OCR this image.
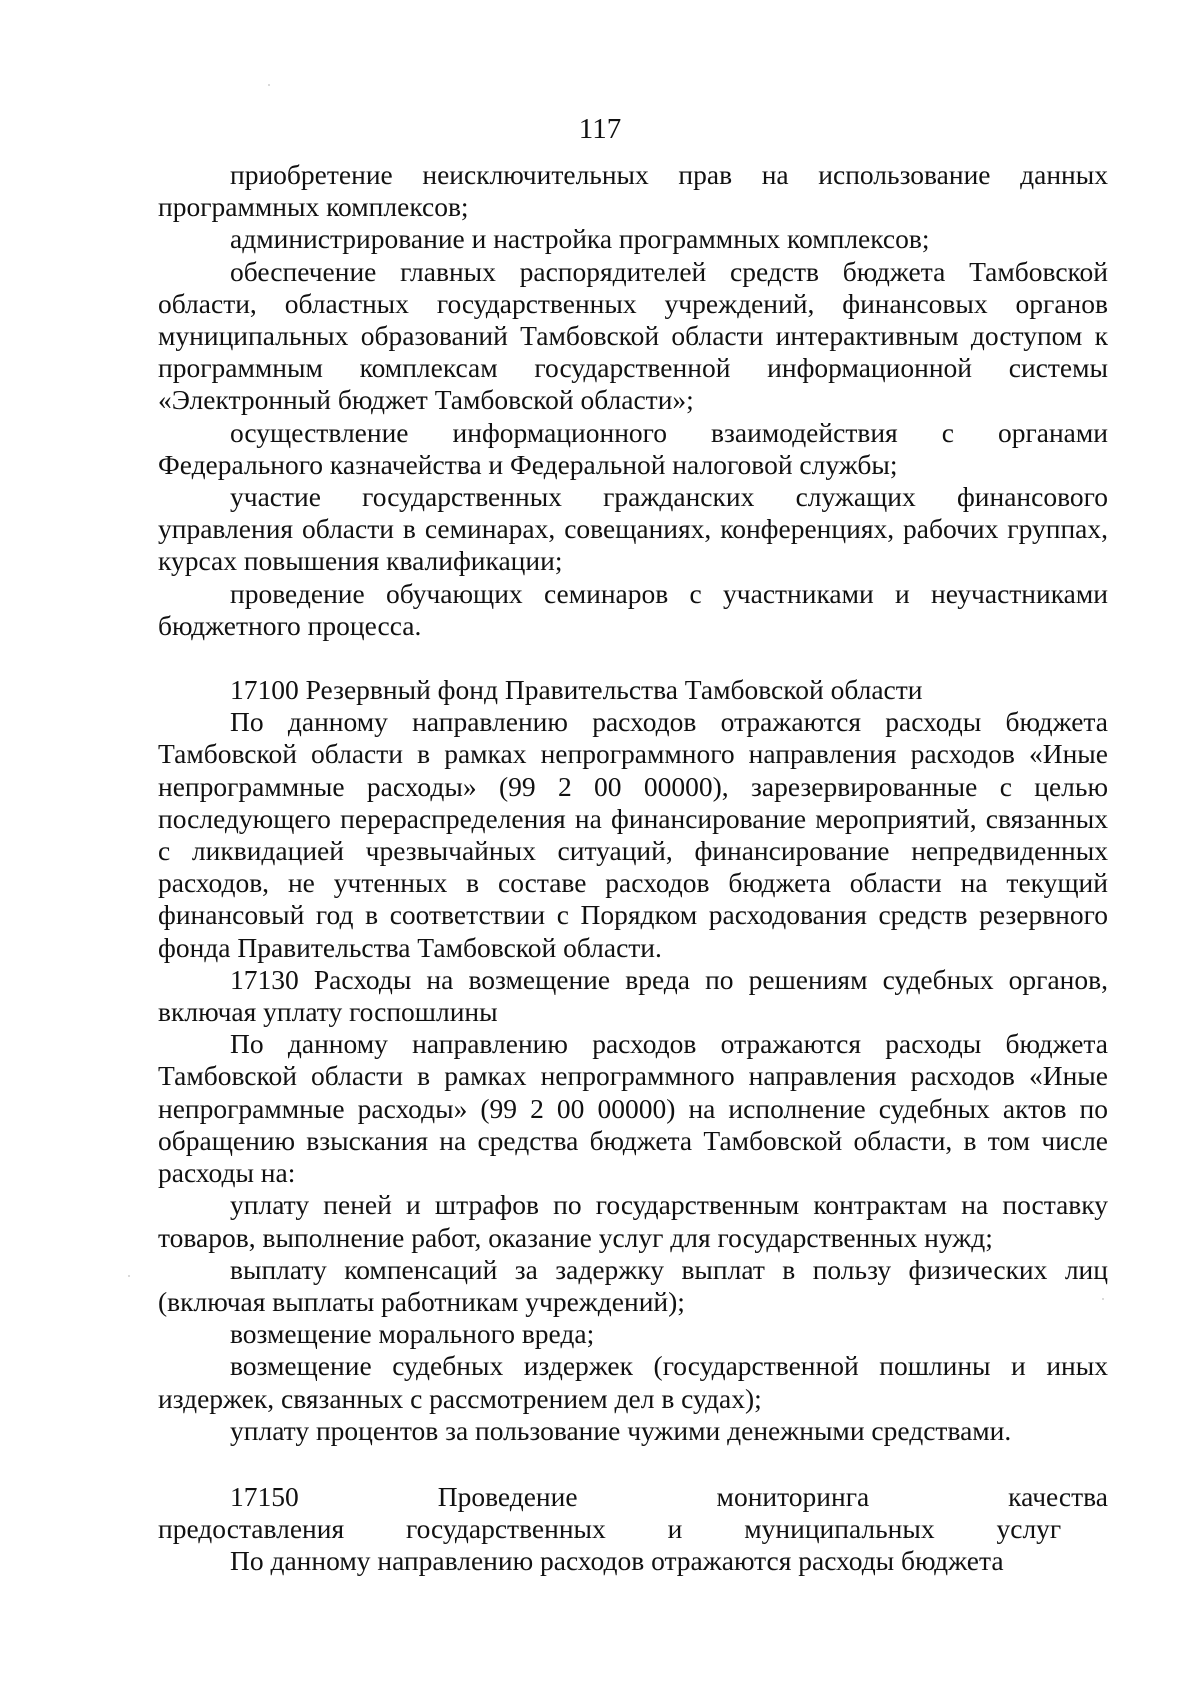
117

приобретение неисключительных прав на использование данных программных комплексов;

администрирование и настройка программных комплексов;

обеспечение главных распорядителей средств бюджета Тамбовской области, областных государственных учреждений, финансовых органов муниципальных образований Тамбовской области интерактивным доступом к программным комплексам государственной информационной системы «Электронный бюджет Тамбовской области»;

осуществление информационного взаимодействия с органами Федерального казначейства и Федеральной налоговой службы;

участие государственных гражданских служащих финансового управления области в семинарах, совещаниях, конференциях, рабочих группах, курсах повышения квалификации;

проведение обучающих семинаров с участниками и неучастниками бюджетного процесса.

17100 Резервный фонд Правительства Тамбовской области

По данному направлению расходов отражаются расходы бюджета Тамбовской области в рамках непрограммного направления расходов «Иные непрограммные расходы» (99 2 00 00000), зарезервированные с целью последующего перераспределения на финансирование мероприятий, связанных с ликвидацией чрезвычайных ситуаций, финансирование непредвиденных расходов, не учтенных в составе расходов бюджета области на текущий финансовый год в соответствии с Порядком расходования средств резервного фонда Правительства Тамбовской области.

17130 Расходы на возмещение вреда по решениям судебных органов, включая уплату госпошлины

По данному направлению расходов отражаются расходы бюджета Тамбовской области в рамках непрограммного направления расходов «Иные непрограммные расходы» (99 2 00 00000) на исполнение судебных актов по обращению взыскания на средства бюджета Тамбовской области, в том числе расходы на:

уплату пеней и штрафов по государственным контрактам на поставку товаров, выполнение работ, оказание услуг для государственных нужд;

выплату компенсаций за задержку выплат в пользу физических лиц (включая выплаты работникам учреждений);

возмещение морального вреда;

возмещение судебных издержек (государственной пошлины и иных издержек, связанных с рассмотрением дел в судах);

уплату процентов за пользование чужими денежными средствами.

17150 Проведение мониторинга качества предоставления государственных и муниципальных услуг

По данному направлению расходов отражаются расходы бюджета
